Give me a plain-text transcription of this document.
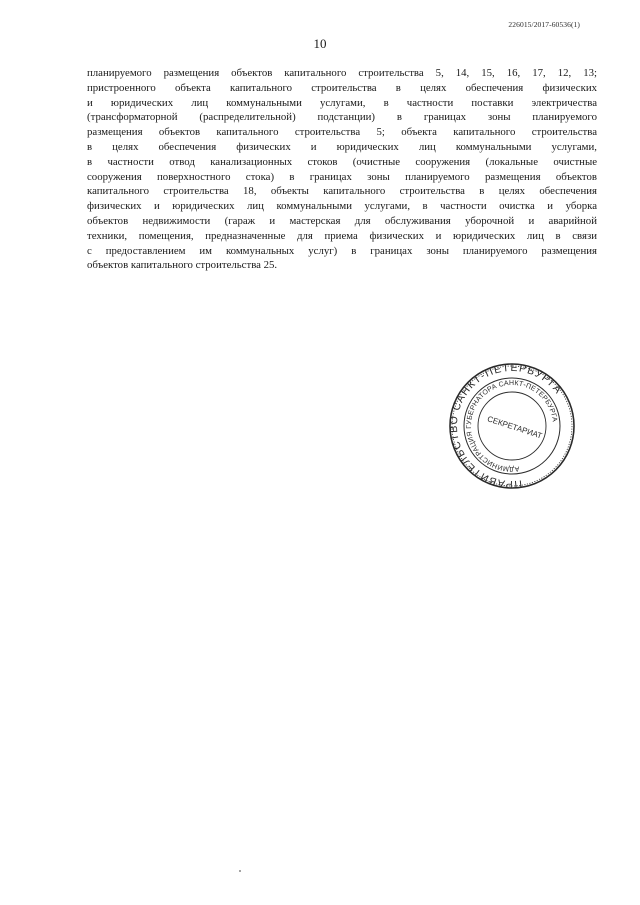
226015/2017-60536(1)
10
планируемого размещения объектов капитального строительства 5, 14, 15, 16, 17, 12, 13;
пристроенного объекта капитального строительства в целях обеспечения физических
и юридических лиц коммунальными услугами, в частности поставки электричества
(трансформаторной (распределительной) подстанции) в границах зоны планируемого
размещения объектов капитального строительства 5; объекта капитального строительства
в целях обеспечения физических и юридических лиц коммунальными услугами,
в частности отвод канализационных стоков (очистные сооружения (локальные очистные
сооружения поверхностного стока) в границах зоны планируемого размещения объектов
капитального строительства 18, объекты капитального строительства в целях обеспечения
физических и юридических лиц коммунальными услугами, в частности очистка и уборка
объектов недвижимости (гараж и мастерская для обслуживания уборочной и аварийной
техники, помещения, предназначенные для приема физических и юридических лиц в связи
с предоставлением им коммунальных услуг) в границах зоны планируемого размещения
объектов капитального строительства 25.
ПРАВИТЕЛЬСТВО САНКТ-ПЕТЕРБУРГА
АДМИНИСТРАЦИЯ ГУБЕРНАТОРА САНКТ-ПЕТЕРБУРГА
СЕКРЕТАРИАТ
